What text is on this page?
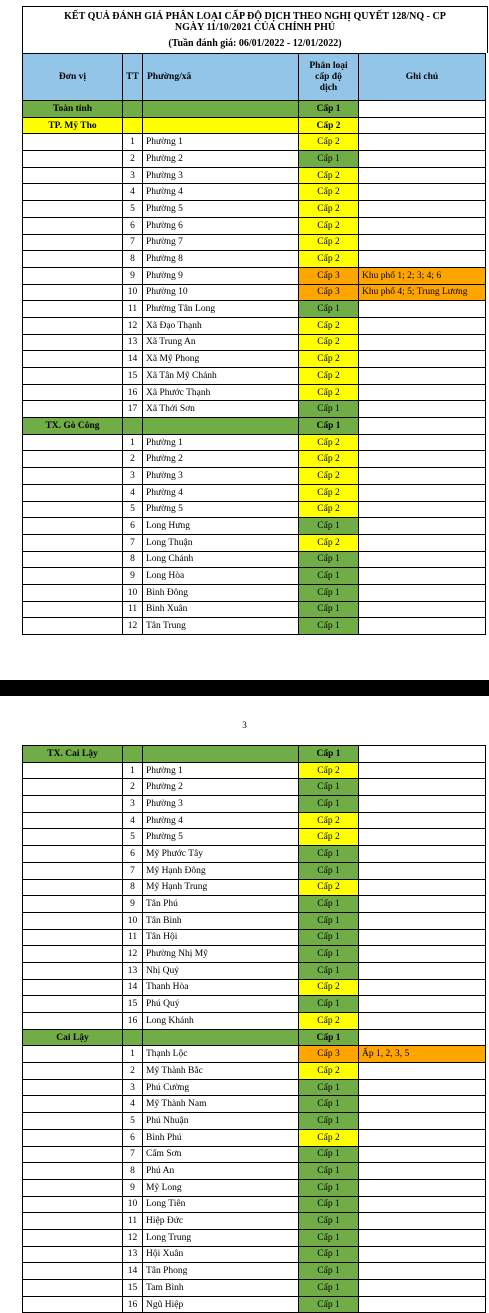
KẾT QUẢ ĐÁNH GIÁ PHÂN LOẠI CẤP ĐỘ DỊCH THEO NGHỊ QUYẾT 128/NQ - CP
NGÀY 11/10/2021 CỦA CHÍNH PHỦ
(Tuần đánh giá: 06/01/2022 - 12/01/2022)
Đơn vị	TT	Phường/xã	Phân loại
cấp độ
dịch	Ghi chú
Toàn tỉnh			Cấp 1	
TP. Mỹ Tho			Cấp 2	
	1	Phường 1	Cấp 2	
	2	Phường 2	Cấp 1	
	3	Phường 3	Cấp 2	
	4	Phường 4	Cấp 2	
	5	Phường 5	Cấp 2	
	6	Phường 6	Cấp 2	
	7	Phường 7	Cấp 2	
	8	Phường 8	Cấp 2	
	9	Phường 9	Cấp 3	Khu phố 1; 2; 3; 4; 6
	10	Phường 10	Cấp 3	Khu phố 4; 5; Trung Lương
	11	Phường Tân Long	Cấp 1	
	12	Xã Đạo Thạnh	Cấp 2	
	13	Xã Trung An	Cấp 2	
	14	Xã Mỹ Phong	Cấp 2	
	15	Xã Tân Mỹ Chánh	Cấp 2	
	16	Xã Phước Thạnh	Cấp 2	
	17	Xã Thới Sơn	Cấp 1	
TX. Gò Công			Cấp 1	
	1	Phường 1	Cấp 2	
	2	Phường 2	Cấp 2	
	3	Phường 3	Cấp 2	
	4	Phường 4	Cấp 2	
	5	Phường 5	Cấp 2	
	6	Long Hưng	Cấp 1	
	7	Long Thuận	Cấp 2	
	8	Long Chánh	Cấp 1	
	9	Long Hòa	Cấp 1	
	10	Bình Đông	Cấp 1	
	11	Bình Xuân	Cấp 1	
	12	Tân Trung	Cấp 1	
3
TX. Cai Lậy			Cấp 1	
	1	Phường 1	Cấp 2	
	2	Phường 2	Cấp 1	
	3	Phường 3	Cấp 1	
	4	Phường 4	Cấp 2	
	5	Phường 5	Cấp 2	
	6	Mỹ Phước Tây	Cấp 1	
	7	Mỹ Hạnh Đông	Cấp 1	
	8	Mỹ Hạnh Trung	Cấp 2	
	9	Tân Phú	Cấp 1	
	10	Tân Bình	Cấp 1	
	11	Tân Hội	Cấp 1	
	12	Phường Nhị Mỹ	Cấp 1	
	13	Nhị Quý	Cấp 1	
	14	Thanh Hòa	Cấp 2	
	15	Phú Quý	Cấp 1	
	16	Long Khánh	Cấp 2	
Cai Lậy			Cấp 1	
	1	Thạnh Lộc	Cấp 3	Ấp 1, 2, 3, 5
	2	Mỹ Thành Bắc	Cấp 2	
	3	Phú Cường	Cấp 1	
	4	Mỹ Thành Nam	Cấp 1	
	5	Phú Nhuận	Cấp 1	
	6	Bình Phú	Cấp 2	
	7	Cẩm Sơn	Cấp 1	
	8	Phú An	Cấp 1	
	9	Mỹ Long	Cấp 1	
	10	Long Tiên	Cấp 1	
	11	Hiệp Đức	Cấp 1	
	12	Long Trung	Cấp 1	
	13	Hội Xuân	Cấp 1	
	14	Tân Phong	Cấp 1	
	15	Tam Bình	Cấp 1	
	16	Ngũ Hiệp	Cấp 1	
